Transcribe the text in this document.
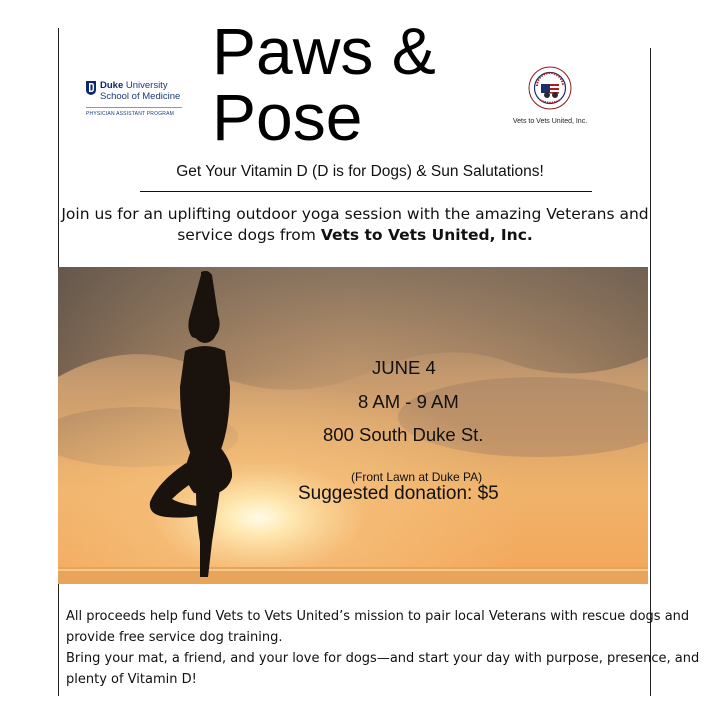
Paws &
Pose
Duke University
School of Medicine
PHYSICIAN ASSISTANT PROGRAM
Vets to Vets United, Inc.
Get Your Vitamin D (D is for Dogs) & Sun Salutations!
Join us for an uplifting outdoor yoga session with the amazing Veterans and service dogs from Vets to Vets United, Inc.
JUNE 4
8 AM - 9 AM
800 South Duke St.
(Front Lawn at Duke PA)
Suggested donation: $5

All proceeds help fund Vets to Vets United’s mission to pair local Veterans with rescue dogs and provide free service dog training.

Bring your mat, a friend, and your love for dogs—and start your day with purpose, presence, and plenty of Vitamin D!
